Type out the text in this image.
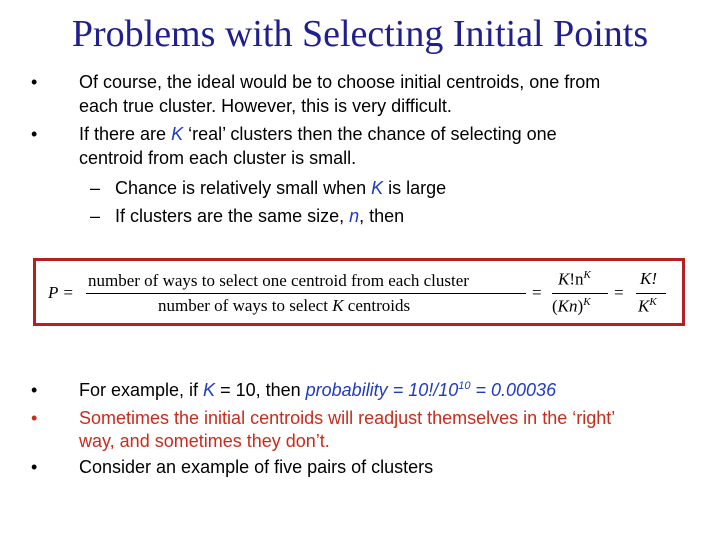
Problems with Selecting Initial Points
• Of course, the ideal would be to choose initial centroids, one from
each true cluster. However, this is very difficult.
• If there are K ‘real’ clusters then the chance of selecting one
centroid from each cluster is small.
– Chance is relatively small when K is large
– If clusters are the same size, n, then
P =
number of ways to select one centroid from each cluster
number of ways to select K centroids
=
$K!n^K$
$(Kn)^K$ =
K!
$K^K$
• For example, if K = 10, then probability = $10!/10^{10} = 0.00036$
• Sometimes the initial centroids will readjust themselves in the ‘right’
way, and sometimes they don’t.
• Consider an example of five pairs of clusters
